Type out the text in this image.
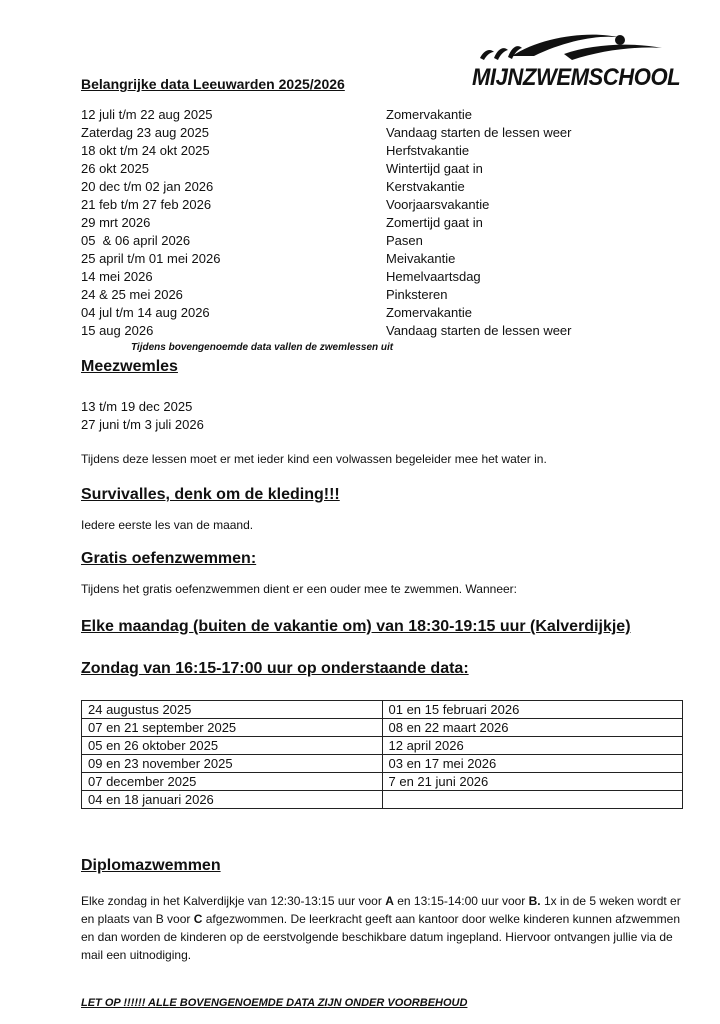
MIJNZWEMSCHOOL
Belangrijke data Leeuwarden 2025/2026
12 juli t/m 22 aug 2025	Zomervakantie
Zaterdag 23 aug 2025	Vandaag starten de lessen weer
18 okt t/m 24 okt 2025	Herfstvakantie
26 okt 2025	Wintertijd gaat in
20 dec t/m 02 jan 2026	Kerstvakantie
21 feb t/m 27 feb 2026	Voorjaarsvakantie
29 mrt 2026	Zomertijd gaat in
05  & 06 april 2026	Pasen
25 april t/m 01 mei 2026	Meivakantie
14 mei 2026	Hemelvaartsdag
24 & 25 mei 2026	Pinksteren
04 jul t/m 14 aug 2026	Zomervakantie
15 aug 2026	Vandaag starten de lessen weer
Tijdens bovengenoemde data vallen de zwemlessen uit
Meezwemles
13 t/m 19 dec 2025
27 juni t/m 3 juli 2026
Tijdens deze lessen moet er met ieder kind een volwassen begeleider mee het water in.
Survivalles, denk om de kleding!!!
Iedere eerste les van de maand.
Gratis oefenzwemmen:
Tijdens het gratis oefenzwemmen dient er een ouder mee te zwemmen. Wanneer:
Elke maandag (buiten de vakantie om) van 18:30-19:15 uur (Kalverdijkje)
Zondag van 16:15-17:00 uur op onderstaande data:
24 augustus 2025	01 en 15 februari 2026
07 en 21 september 2025	08 en 22 maart 2026
05 en 26 oktober 2025	12 april 2026
09 en 23 november 2025	03 en 17 mei 2026
07 december 2025	7 en 21 juni 2026
04 en 18 januari 2026	
Diplomazwemmen
Elke zondag in het Kalverdijkje van 12:30-13:15 uur voor A en 13:15-14:00 uur voor B. 1x in de 5 weken wordt er en plaats van B voor C afgezwommen. De leerkracht geeft aan kantoor door welke kinderen kunnen afzwemmen en dan worden de kinderen op de eerstvolgende beschikbare datum ingepland. Hiervoor ontvangen jullie via de mail een uitnodiging.
LET OP !!!!!! ALLE BOVENGENOEMDE DATA ZIJN ONDER VOORBEHOUD
